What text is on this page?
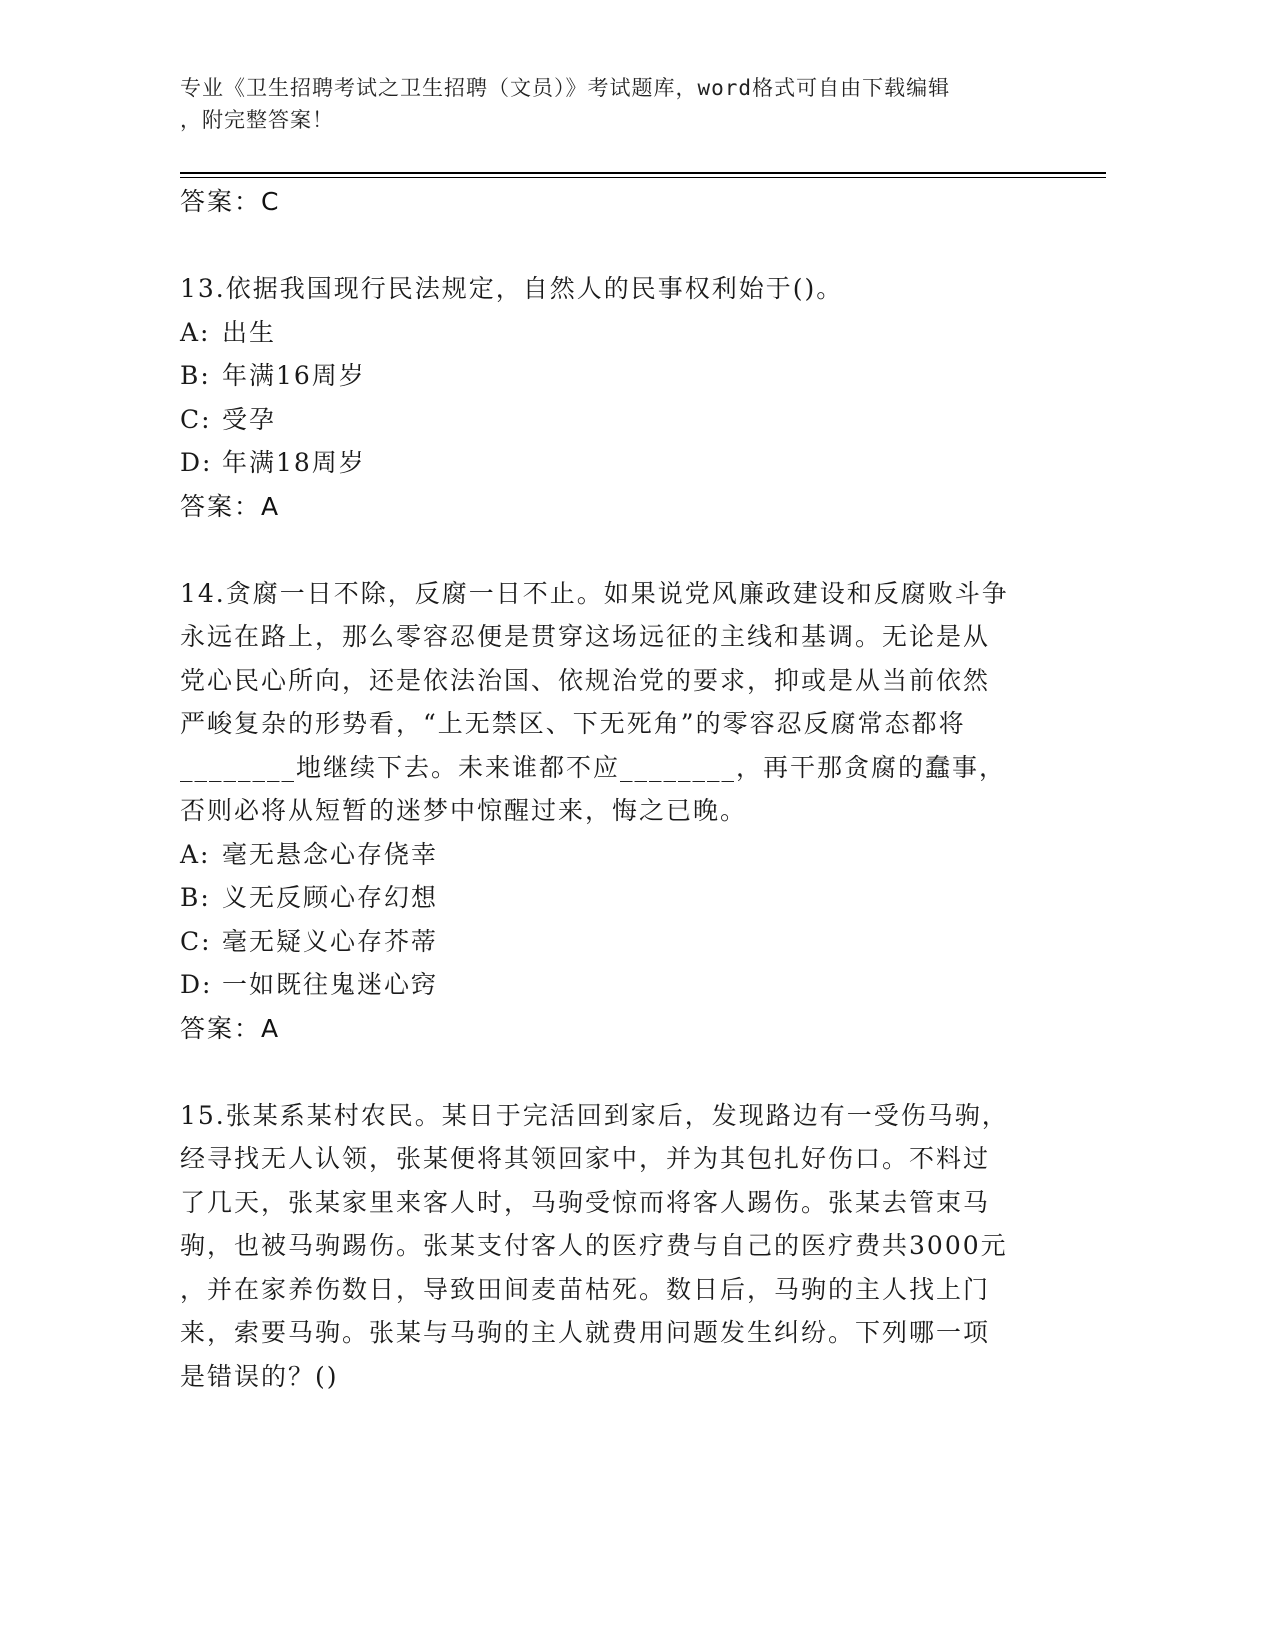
专业《卫生招聘考试之卫生招聘（文员）》考试题库，word格式可自由下载编辑
，附完整答案！
答案：C
13.依据我国现行民法规定，自然人的民事权利始于()。
A: 出生
B: 年满16周岁
C: 受孕
D: 年满18周岁
答案：A
14.贪腐一日不除，反腐一日不止。如果说党风廉政建设和反腐败斗争
永远在路上，那么零容忍便是贯穿这场远征的主线和基调。无论是从
党心民心所向，还是依法治国、依规治党的要求，抑或是从当前依然
严峻复杂的形势看，“上无禁区、下无死角”的零容忍反腐常态都将
________地继续下去。未来谁都不应________，再干那贪腐的蠢事，
否则必将从短暂的迷梦中惊醒过来，悔之已晚。
A: 毫无悬念心存侥幸
B: 义无反顾心存幻想
C: 毫无疑义心存芥蒂
D: 一如既往鬼迷心窍
答案：A
15.张某系某村农民。某日于完活回到家后，发现路边有一受伤马驹，
经寻找无人认领，张某便将其领回家中，并为其包扎好伤口。不料过
了几天，张某家里来客人时，马驹受惊而将客人踢伤。张某去管束马
驹，也被马驹踢伤。张某支付客人的医疗费与自己的医疗费共3000元
，并在家养伤数日，导致田间麦苗枯死。数日后，马驹的主人找上门
来，索要马驹。张某与马驹的主人就费用问题发生纠纷。下列哪一项
是错误的？()
